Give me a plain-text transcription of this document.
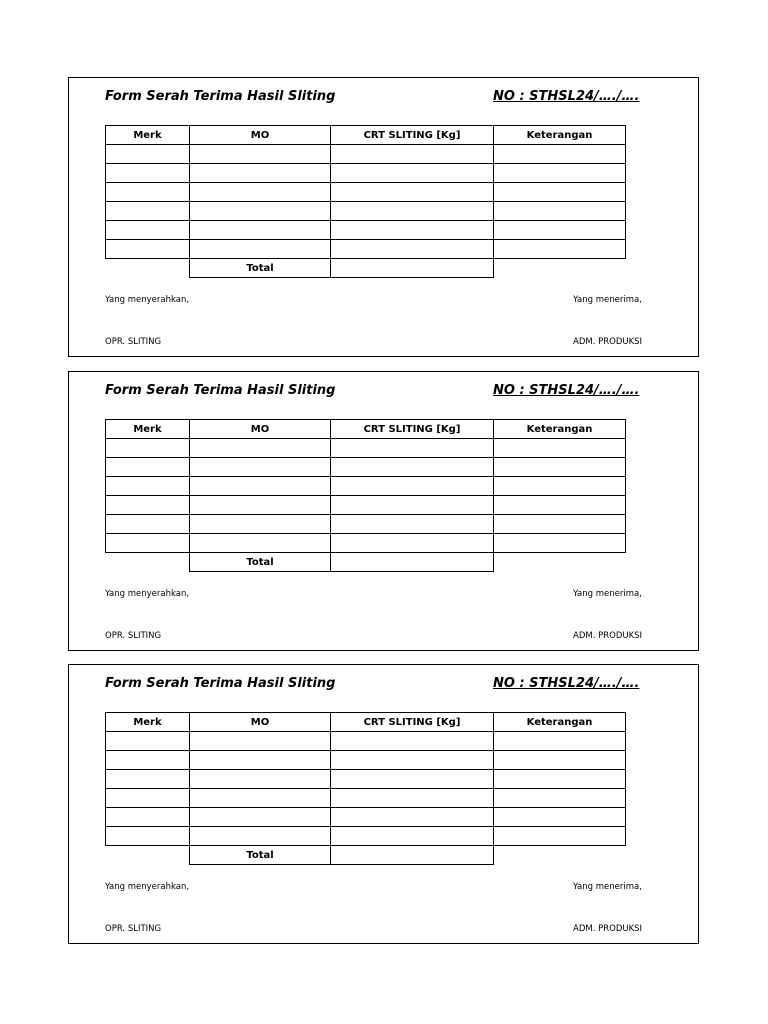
Form Serah Terima Hasil Sliting	NO : STHSL24/…./….
Merk	MO	CRT SLITING [Kg]	Keterangan

	Total		
Yang menyerahkan,	Yang menerima,
OPR. SLITING	ADM. PRODUKSI
Form Serah Terima Hasil Sliting	NO : STHSL24/…./….
Merk	MO	CRT SLITING [Kg]	Keterangan

	Total		
Yang menyerahkan,	Yang menerima,
OPR. SLITING	ADM. PRODUKSI
Form Serah Terima Hasil Sliting	NO : STHSL24/…./….
Merk	MO	CRT SLITING [Kg]	Keterangan

	Total		
Yang menyerahkan,	Yang menerima,
OPR. SLITING	ADM. PRODUKSI
